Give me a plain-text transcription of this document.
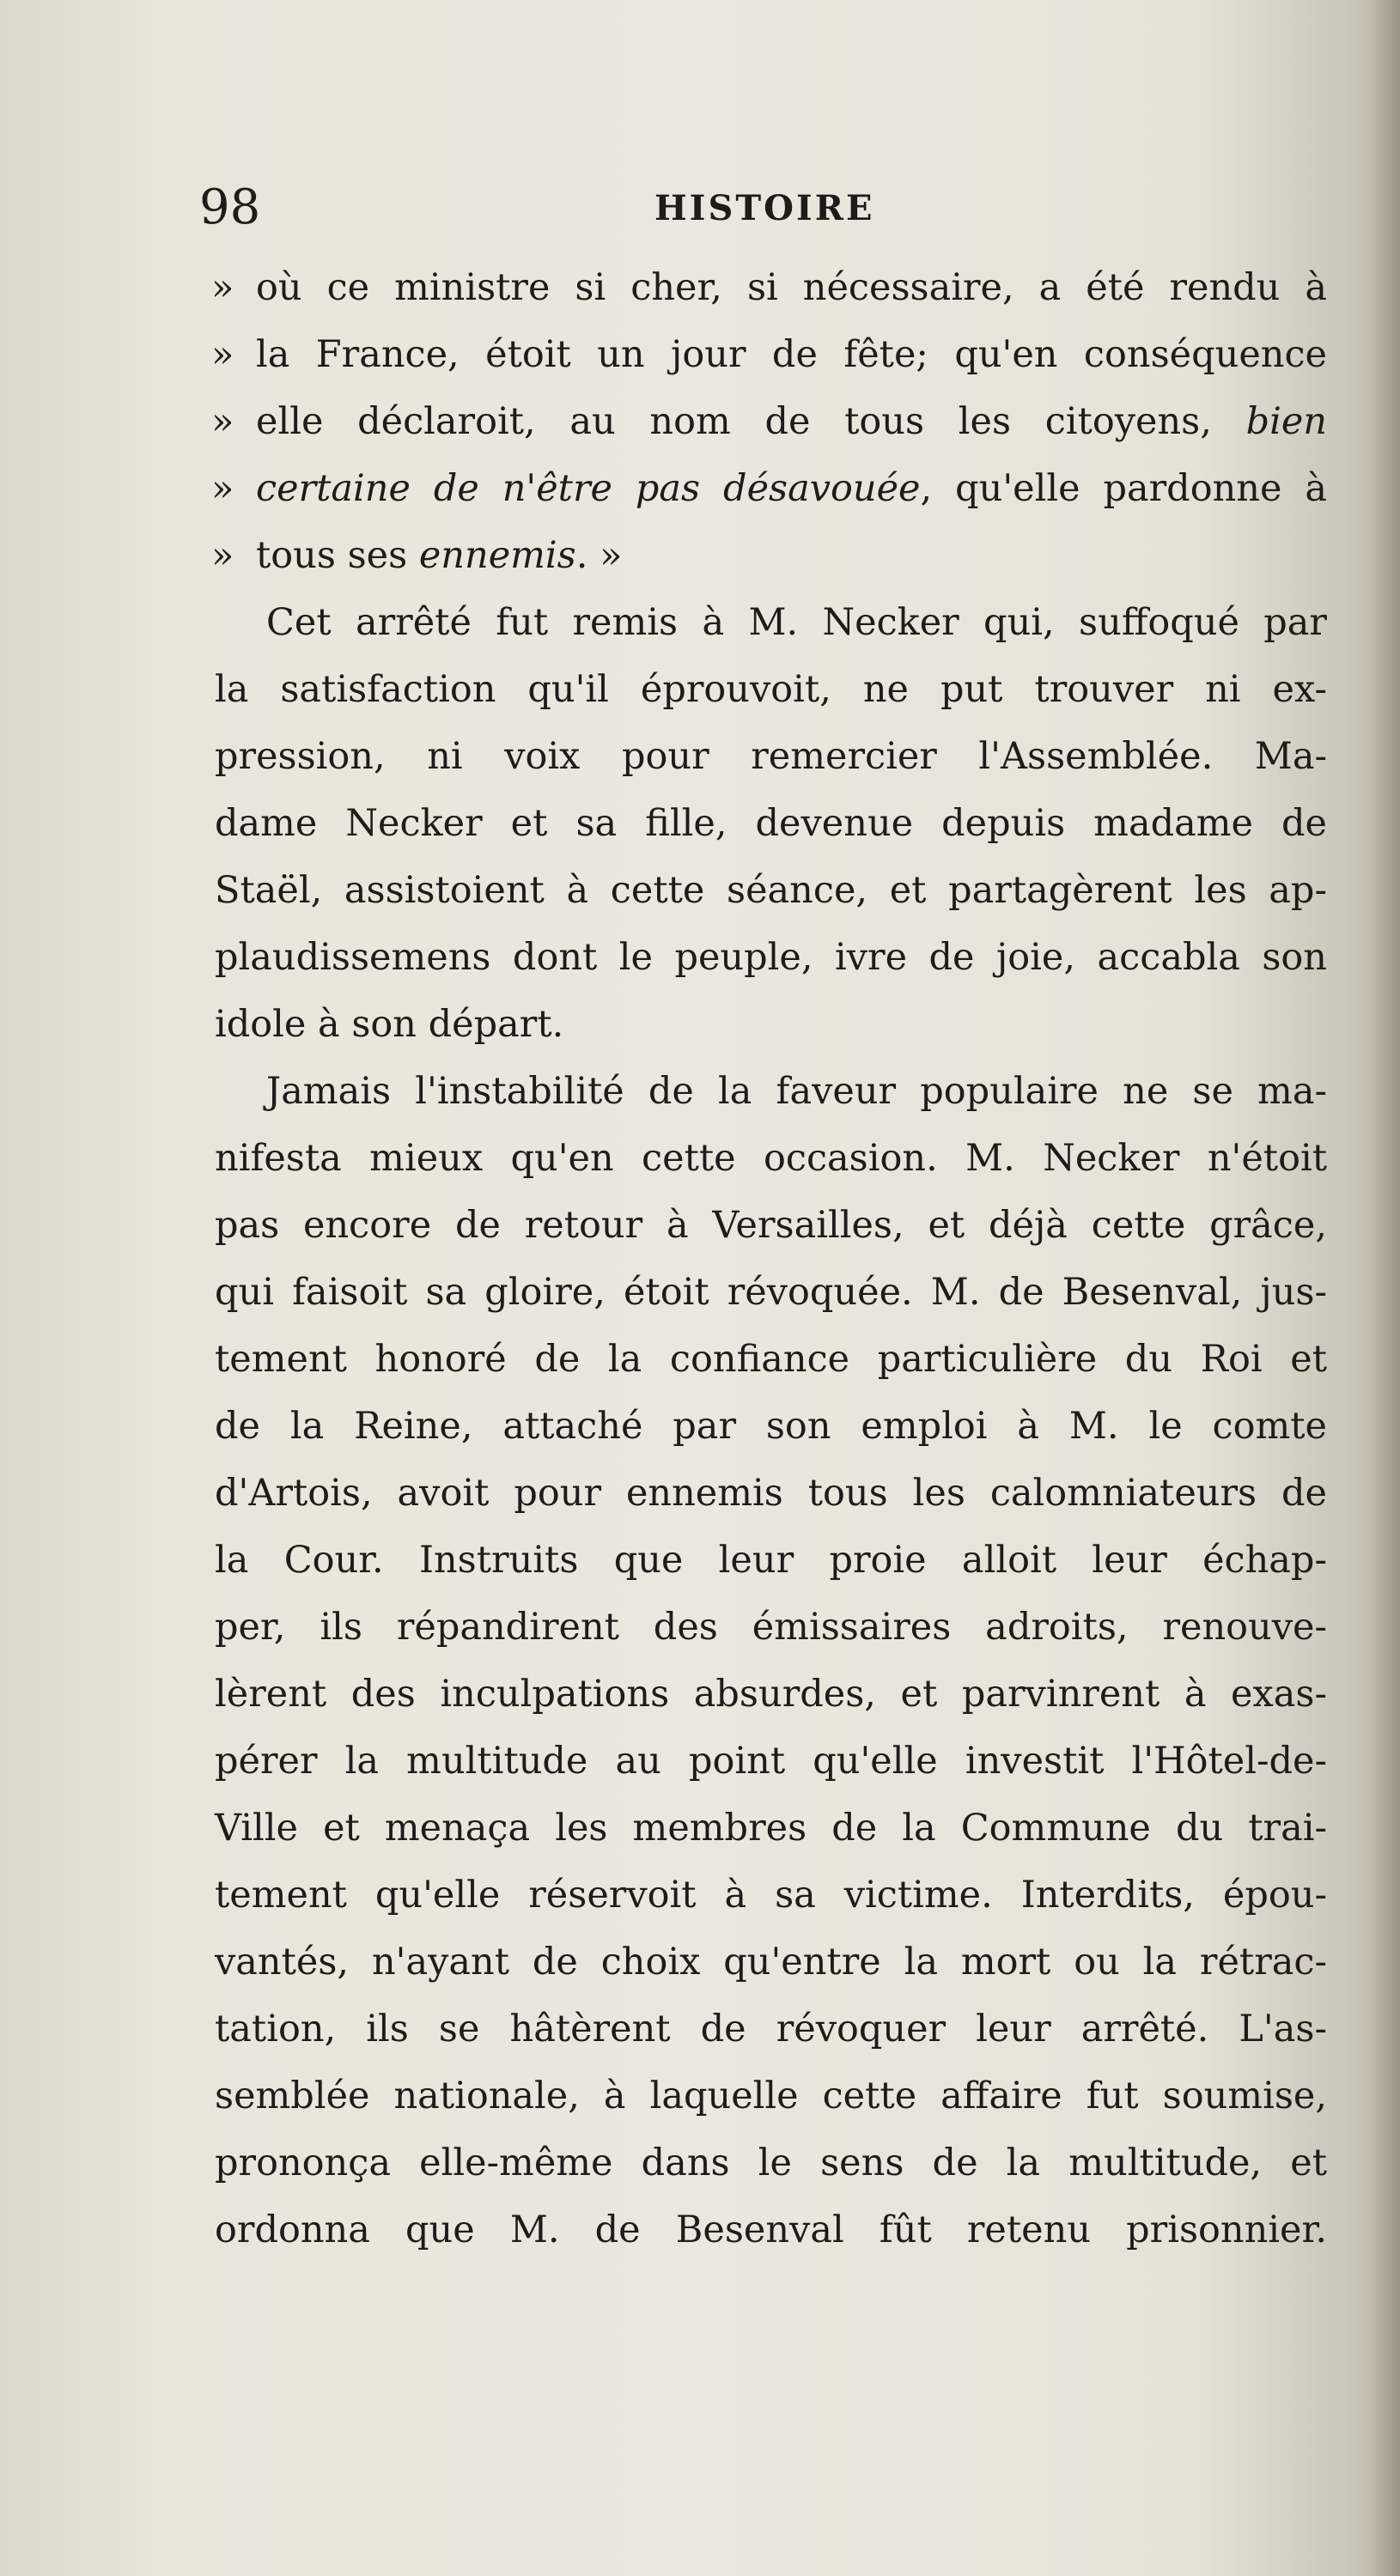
98	HISTOIRE
» où ce ministre si cher, si nécessaire, a été rendu à
» la France, étoit un jour de fête; qu'en conséquence
» elle déclaroit, au nom de tous les citoyens, bien
» certaine de n'être pas désavouée, qu'elle pardonne à
» tous ses ennemis. »
Cet arrêté fut remis à M. Necker qui, suffoqué par
la satisfaction qu'il éprouvoit, ne put trouver ni ex-
pression, ni voix pour remercier l'Assemblée. Ma-
dame Necker et sa fille, devenue depuis madame de
Staël, assistoient à cette séance, et partagèrent les ap-
plaudissemens dont le peuple, ivre de joie, accabla son
idole à son départ.
Jamais l'instabilité de la faveur populaire ne se ma-
nifesta mieux qu'en cette occasion. M. Necker n'étoit
pas encore de retour à Versailles, et déjà cette grâce,
qui faisoit sa gloire, étoit révoquée. M. de Besenval, jus-
tement honoré de la confiance particulière du Roi et
de la Reine, attaché par son emploi à M. le comte
d'Artois, avoit pour ennemis tous les calomniateurs de
la Cour. Instruits que leur proie alloit leur échap-
per, ils répandirent des émissaires adroits, renouve-
lèrent des inculpations absurdes, et parvinrent à exas-
pérer la multitude au point qu'elle investit l'Hôtel-de-
Ville et menaça les membres de la Commune du trai-
tement qu'elle réservoit à sa victime. Interdits, épou-
vantés, n'ayant de choix qu'entre la mort ou la rétrac-
tation, ils se hâtèrent de révoquer leur arrêté. L'as-
semblée nationale, à laquelle cette affaire fut soumise,
prononça elle-même dans le sens de la multitude, et
ordonna que M. de Besenval fût retenu prisonnier.
